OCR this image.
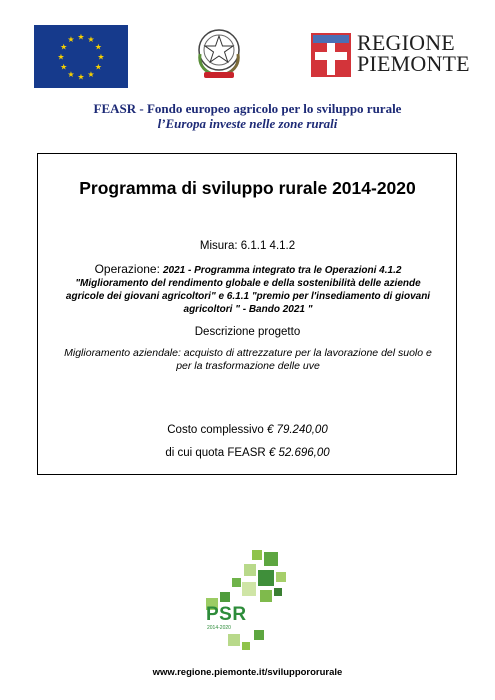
★ ★
★
★
★
★
★
★
★
★
★
★	REGIONE
PIEMONTE
FEASR - Fondo europeo agricolo per lo sviluppo rurale
l’Europa investe nelle zone rurali
Programma di sviluppo rurale 2014-2020
Misura: 6.1.1 4.1.2
Operazione: 2021 - Programma integrato tra le Operazioni 4.1.2 "Miglioramento del rendimento globale e della sostenibilità delle aziende agricole dei giovani agricoltori" e 6.1.1 "premio per l'insediamento di giovani agricoltori " - Bando 2021 "
Descrizione progetto
Miglioramento aziendale: acquisto di attrezzature per la lavorazione del suolo e per la trasformazione delle uve
Costo complessivo € 79.240,00
di cui quota FEASR € 52.696,00
PSR
2014-2020
www.regione.piemonte.it/sviluppororurale
